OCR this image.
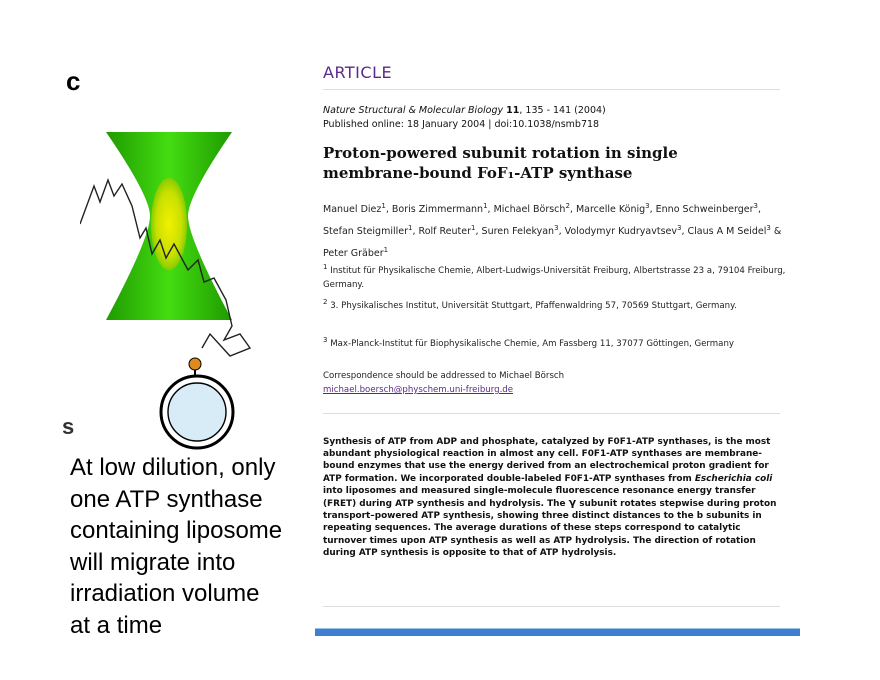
c
s
At low dilution, only
one ATP synthase
containing liposome
will migrate into
irradiation volume
at a time
ARTICLE
Nature Structural & Molecular Biology 11, 135 - 141 (2004)
Published online: 18 January 2004 | doi:10.1038/nsmb718
Proton-powered subunit rotation in single
membrane-bound FoF₁-ATP synthase
Manuel Diez$^1$, Boris Zimmermann$^1$, Michael Börsch$^2$, Marcelle König$^3$, Enno Schweinberger$^3$, Stefan Steigmiller$^1$, Rolf Reuter$^1$, Suren Felekyan$^3$, Volodymyr Kudryavtsev$^3$, Claus A M Seidel$^3$ & Peter Gräber$^1$
$^1$ Institut für Physikalische Chemie, Albert-Ludwigs-Universität Freiburg, Albertstrasse 23 a, 79104 Freiburg, Germany.
$^2$ 3. Physikalisches Institut, Universität Stuttgart, Pfaffenwaldring 57, 70569 Stuttgart, Germany.
$^3$ Max-Planck-Institut für Biophysikalische Chemie, Am Fassberg 11, 37077 Göttingen, Germany
Correspondence should be addressed to Michael Börsch
michael.boersch@physchem.uni-freiburg.de
Synthesis of ATP from ADP and phosphate, catalyzed by F0F1-ATP synthases, is the most abundant physiological reaction in almost any cell. F0F1-ATP synthases are membrane-bound enzymes that use the energy derived from an electrochemical proton gradient for ATP formation. We incorporated double-labeled F0F1-ATP synthases from Escherichia coli into liposomes and measured single-molecule fluorescence resonance energy transfer (FRET) during ATP synthesis and hydrolysis. The γ subunit rotates stepwise during proton transport–powered ATP synthesis, showing three distinct distances to the b subunits in repeating sequences. The average durations of these steps correspond to catalytic turnover times upon ATP synthesis as well as ATP hydrolysis. The direction of rotation during ATP synthesis is opposite to that of ATP hydrolysis.
